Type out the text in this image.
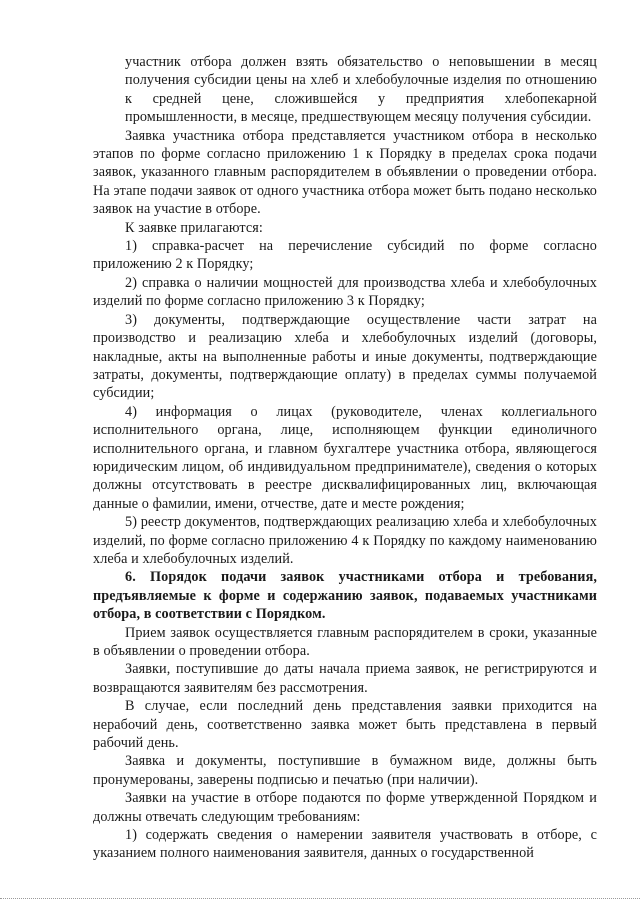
участник отбора должен взять обязательство о неповышении в месяц получения субсидии цены на хлеб и хлебобулочные изделия по отношению к средней цене, сложившейся у предприятия хлебопекарной промышленности, в месяце, предшествующем месяцу получения субсидии.

Заявка участника отбора представляется участником отбора в несколько этапов по форме согласно приложению 1 к Порядку в пределах срока подачи заявок, указанного главным распорядителем в объявлении о проведении отбора. На этапе подачи заявок от одного участника отбора может быть подано несколько заявок на участие в отборе.

К заявке прилагаются:

1) справка-расчет на перечисление субсидий по форме согласно приложению 2 к Порядку;

2) справка о наличии мощностей для производства хлеба и хлебобулочных изделий по форме согласно приложению 3 к Порядку;

3) документы, подтверждающие осуществление части затрат на производство и реализацию хлеба и хлебобулочных изделий (договоры, накладные, акты на выполненные работы и иные документы, подтверждающие затраты, документы, подтверждающие оплату) в пределах суммы получаемой субсидии;

4) информация о лицах (руководителе, членах коллегиального исполнительного органа, лице, исполняющем функции единоличного исполнительного органа, и главном бухгалтере участника отбора, являющегося юридическим лицом, об индивидуальном предпринимателе), сведения о которых должны отсутствовать в реестре дисквалифицированных лиц, включающая данные о фамилии, имени, отчестве, дате и месте рождения;

5) реестр документов, подтверждающих реализацию хлеба и хлебобулочных изделий, по форме согласно приложению 4 к Порядку по каждому наименованию хлеба и хлебобулочных изделий.

6. Порядок подачи заявок участниками отбора и требования, предъявляемые к форме и содержанию заявок, подаваемых участниками отбора, в соответствии с Порядком.

Прием заявок осуществляется главным распорядителем в сроки, указанные в объявлении о проведении отбора.

Заявки, поступившие до даты начала приема заявок, не регистрируются и возвращаются заявителям без рассмотрения.

В случае, если последний день представления заявки приходится на нерабочий день, соответственно заявка может быть представлена в первый рабочий день.

Заявка и документы, поступившие в бумажном виде, должны быть пронумерованы, заверены подписью и печатью (при наличии).

Заявки на участие в отборе подаются по форме утвержденной Порядком и должны отвечать следующим требованиям:

1) содержать сведения о намерении заявителя участвовать в отборе, с указанием полного наименования заявителя, данных о государственной
